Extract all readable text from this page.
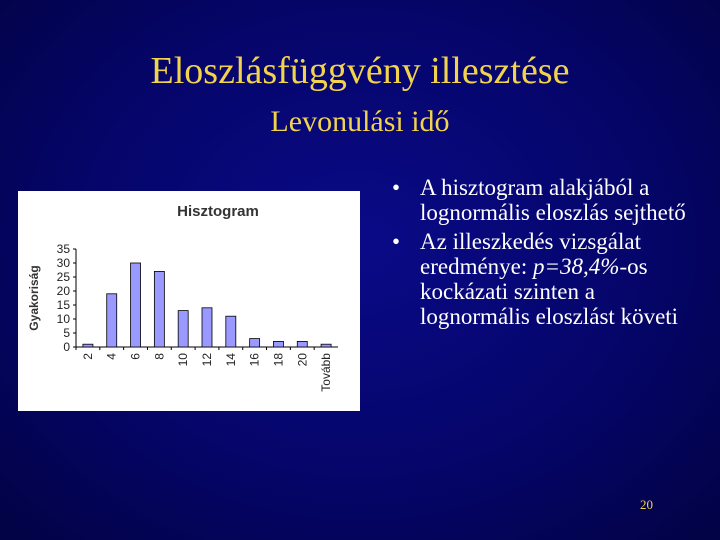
Eloszlásfüggvény illesztése
Levonulási idő
Hisztogram
Gyakoriság
0
5
10
15
20
25
30
35
2 4 6 8 10 12 14 16 18 20 Tovább
• A hisztogram alakjából a lognormális eloszlás sejthető
• Az illeszkedés vizsgálat eredménye: p=38,4%-os kockázati szinten a lognormális eloszlást követi
20
